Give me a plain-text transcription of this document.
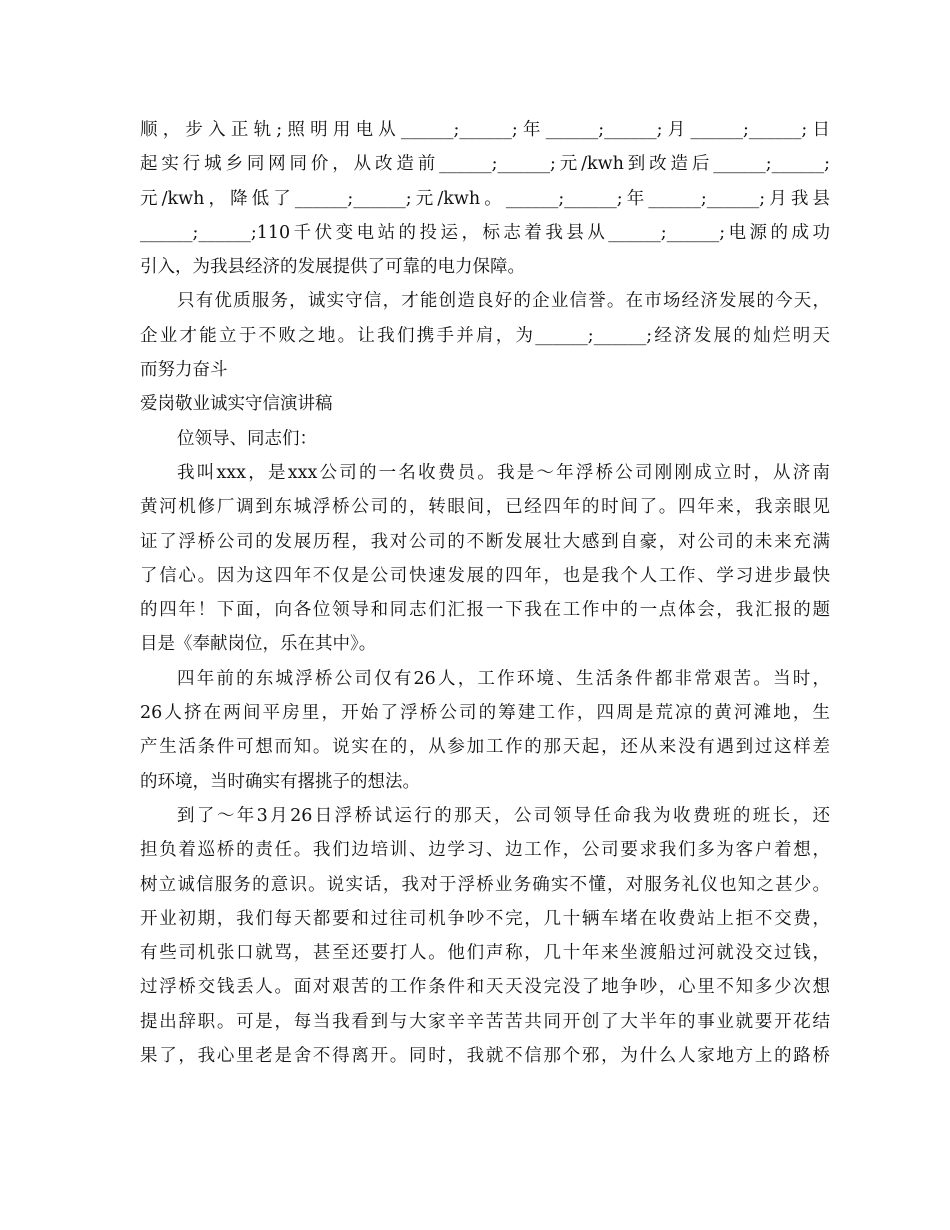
顺，步入正轨;照明用电从______;______;年______;______;月______;______;日

起实行城乡同网同价，从改造前______;______;元/kwh到改造后______;______;

元/kwh，降低了______;______;元/kwh。______;______;年______;______;月我县

______;______;110千伏变电站的投运，标志着我县从______;______;电源的成功

引入，为我县经济的发展提供了可靠的电力保障。

只有优质服务，诚实守信，才能创造良好的企业信誉。在市场经济发展的今天，

企业才能立于不败之地。让我们携手并肩，为______;______;经济发展的灿烂明天

而努力奋斗

爱岗敬业诚实守信演讲稿

位领导、同志们：

我叫xxx，是xxx公司的一名收费员。我是～年浮桥公司刚刚成立时，从济南

黄河机修厂调到东城浮桥公司的，转眼间，已经四年的时间了。四年来，我亲眼见

证了浮桥公司的发展历程，我对公司的不断发展壮大感到自豪，对公司的未来充满

了信心。因为这四年不仅是公司快速发展的四年，也是我个人工作、学习进步最快

的四年！下面，向各位领导和同志们汇报一下我在工作中的一点体会，我汇报的题

目是《奉献岗位，乐在其中》。

四年前的东城浮桥公司仅有26人，工作环境、生活条件都非常艰苦。当时，

26人挤在两间平房里，开始了浮桥公司的筹建工作，四周是荒凉的黄河滩地，生

产生活条件可想而知。说实在的，从参加工作的那天起，还从来没有遇到过这样差

的环境，当时确实有撂挑子的想法。

到了～年3月26日浮桥试运行的那天，公司领导任命我为收费班的班长，还

担负着巡桥的责任。我们边培训、边学习、边工作，公司要求我们多为客户着想，

树立诚信服务的意识。说实话，我对于浮桥业务确实不懂，对服务礼仪也知之甚少。

开业初期，我们每天都要和过往司机争吵不完，几十辆车堵在收费站上拒不交费，

有些司机张口就骂，甚至还要打人。他们声称，几十年来坐渡船过河就没交过钱，

过浮桥交钱丢人。面对艰苦的工作条件和天天没完没了地争吵，心里不知多少次想

提出辞职。可是，每当我看到与大家辛辛苦苦共同开创了大半年的事业就要开花结

果了，我心里老是舍不得离开。同时，我就不信那个邪，为什么人家地方上的路桥
